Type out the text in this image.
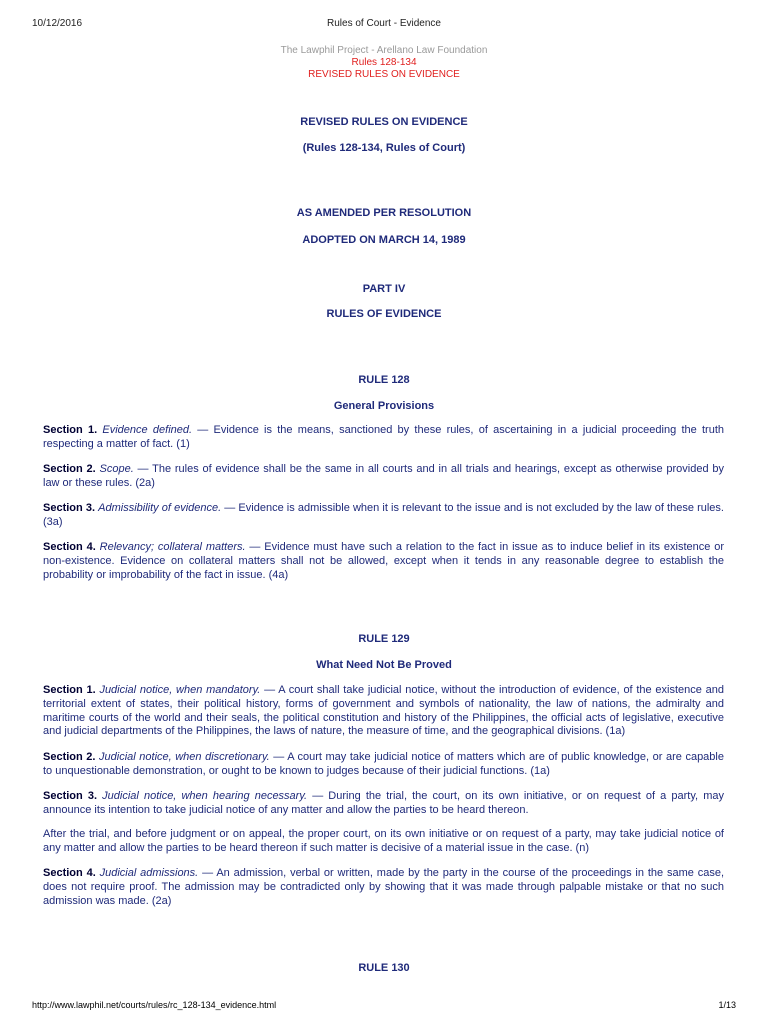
10/12/2016	Rules of Court - Evidence
The Lawphil Project - Arellano Law Foundation
Rules 128-134
REVISED RULES ON EVIDENCE
REVISED RULES ON EVIDENCE
(Rules 128-134, Rules of Court)
AS AMENDED PER RESOLUTION
ADOPTED ON MARCH 14, 1989
PART IV
RULES OF EVIDENCE
RULE 128
General Provisions
Section 1. Evidence defined. — Evidence is the means, sanctioned by these rules, of ascertaining in a judicial proceeding the truth respecting a matter of fact. (1)
Section 2. Scope. — The rules of evidence shall be the same in all courts and in all trials and hearings, except as otherwise provided by law or these rules. (2a)
Section 3. Admissibility of evidence. — Evidence is admissible when it is relevant to the issue and is not excluded by the law of these rules. (3a)
Section 4. Relevancy; collateral matters. — Evidence must have such a relation to the fact in issue as to induce belief in its existence or non-existence. Evidence on collateral matters shall not be allowed, except when it tends in any reasonable degree to establish the probability or improbability of the fact in issue. (4a)
RULE 129
What Need Not Be Proved
Section 1. Judicial notice, when mandatory. — A court shall take judicial notice, without the introduction of evidence, of the existence and territorial extent of states, their political history, forms of government and symbols of nationality, the law of nations, the admiralty and maritime courts of the world and their seals, the political constitution and history of the Philippines, the official acts of legislative, executive and judicial departments of the Philippines, the laws of nature, the measure of time, and the geographical divisions. (1a)
Section 2. Judicial notice, when discretionary. — A court may take judicial notice of matters which are of public knowledge, or are capable to unquestionable demonstration, or ought to be known to judges because of their judicial functions. (1a)
Section 3. Judicial notice, when hearing necessary. — During the trial, the court, on its own initiative, or on request of a party, may announce its intention to take judicial notice of any matter and allow the parties to be heard thereon.
After the trial, and before judgment or on appeal, the proper court, on its own initiative or on request of a party, may take judicial notice of any matter and allow the parties to be heard thereon if such matter is decisive of a material issue in the case. (n)
Section 4. Judicial admissions. — An admission, verbal or written, made by the party in the course of the proceedings in the same case, does not require proof. The admission may be contradicted only by showing that it was made through palpable mistake or that no such admission was made. (2a)
RULE 130
http://www.lawphil.net/courts/rules/rc_128-134_evidence.html	1/13
